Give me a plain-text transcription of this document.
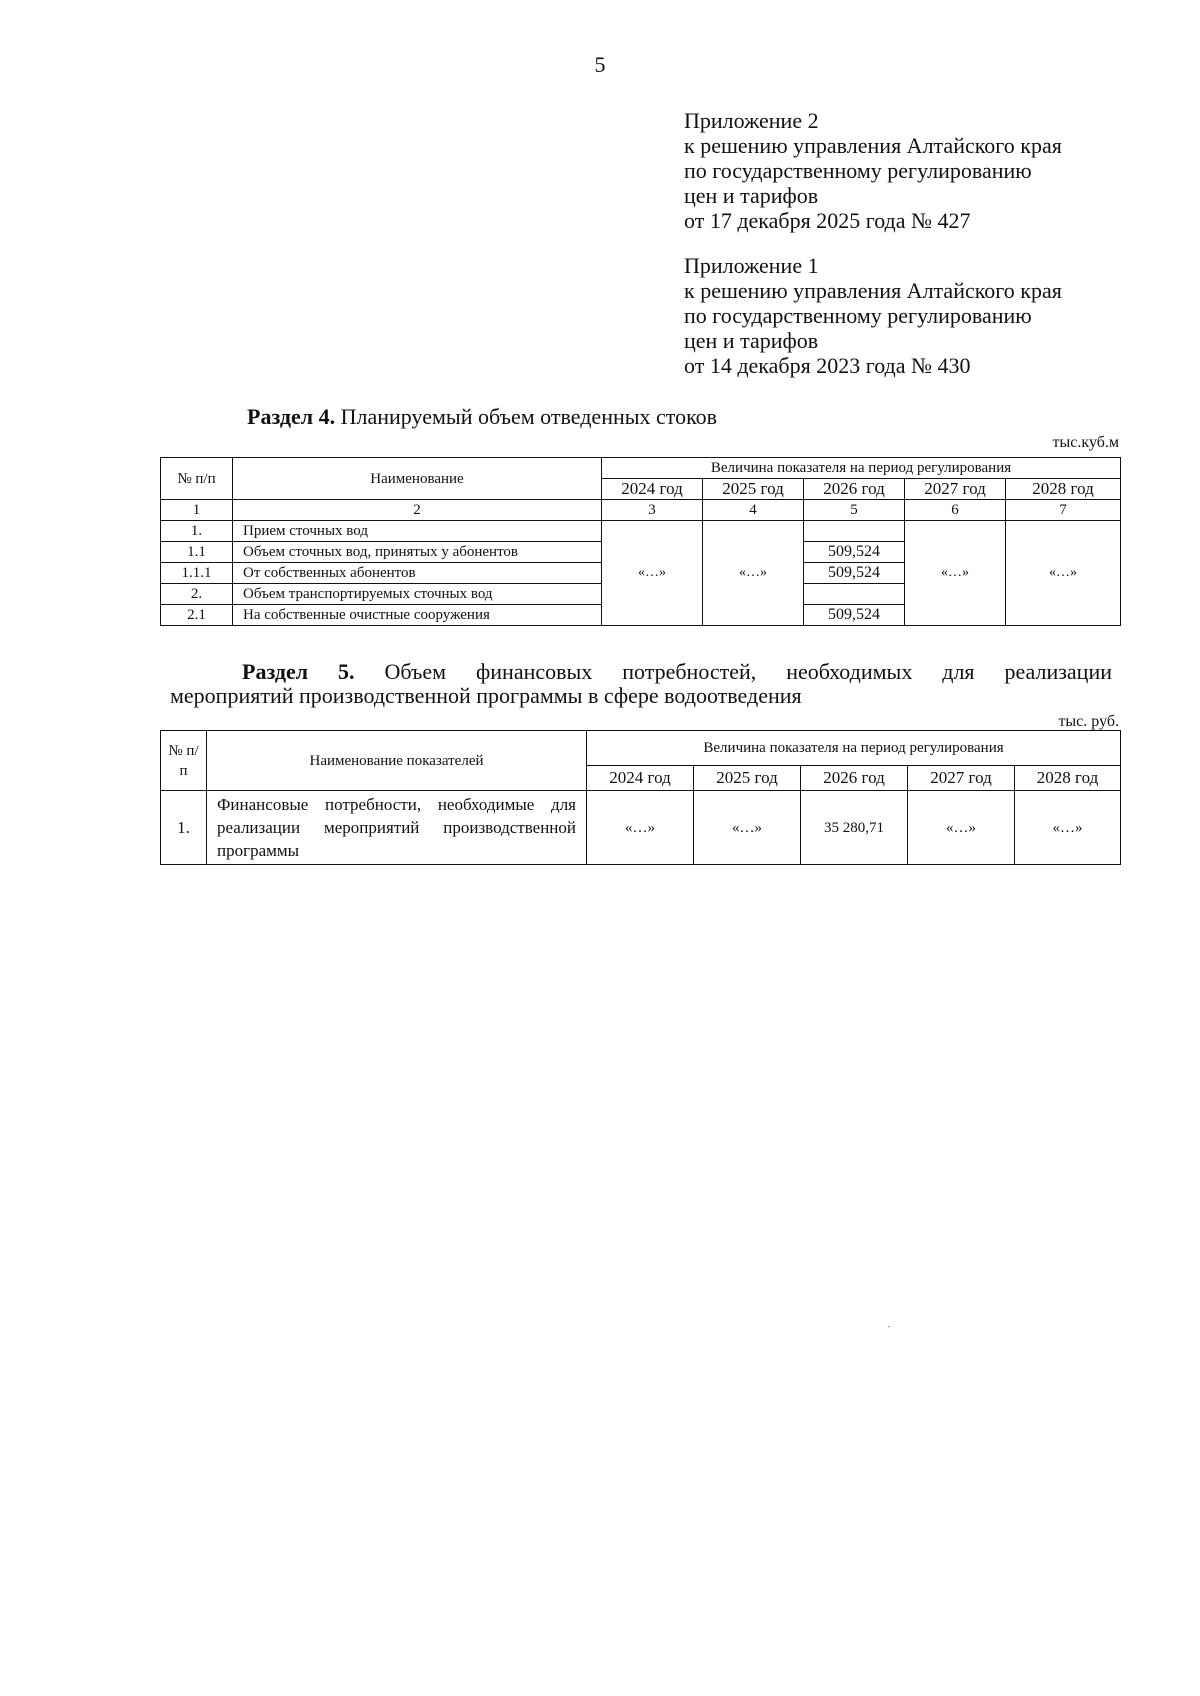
5
Приложение 2
к решению управления Алтайского края
по государственному регулированию
цен и тарифов
от 17 декабря 2025 года № 427
Приложение 1
к решению управления Алтайского края
по государственному регулированию
цен и тарифов
от 14 декабря 2023 года № 430
Раздел 4. Планируемый объем отведенных стоков
тыс.куб.м
№ п/п	Наименование	Величина показателя на период регулирования				
		2024 год	2025 год	2026 год	2027 год	2028 год
1	2	3	4	5	6	7
1.	Прием сточных вод	«…»	«…»		«…»	«…»
1.1	Объем сточных вод, принятых у абонентов			509,524		
1.1.1	От собственных абонентов			509,524		
2.	Объем транспортируемых сточных вод					
2.1	На собственные очистные сооружения			509,524		
Раздел 5. Объем финансовых потребностей, необходимых для реализации
мероприятий производственной программы в сфере водоотведения
тыс. руб.
№ п/п	Наименование показателей	Величина показателя на период регулирования				
		2024 год	2025 год	2026 год	2027 год	2028 год
1.	Финансовые потребности, необходимые для реализации мероприятий производственной программы	«…»	«…»	35 280,71	«…»	«…»
